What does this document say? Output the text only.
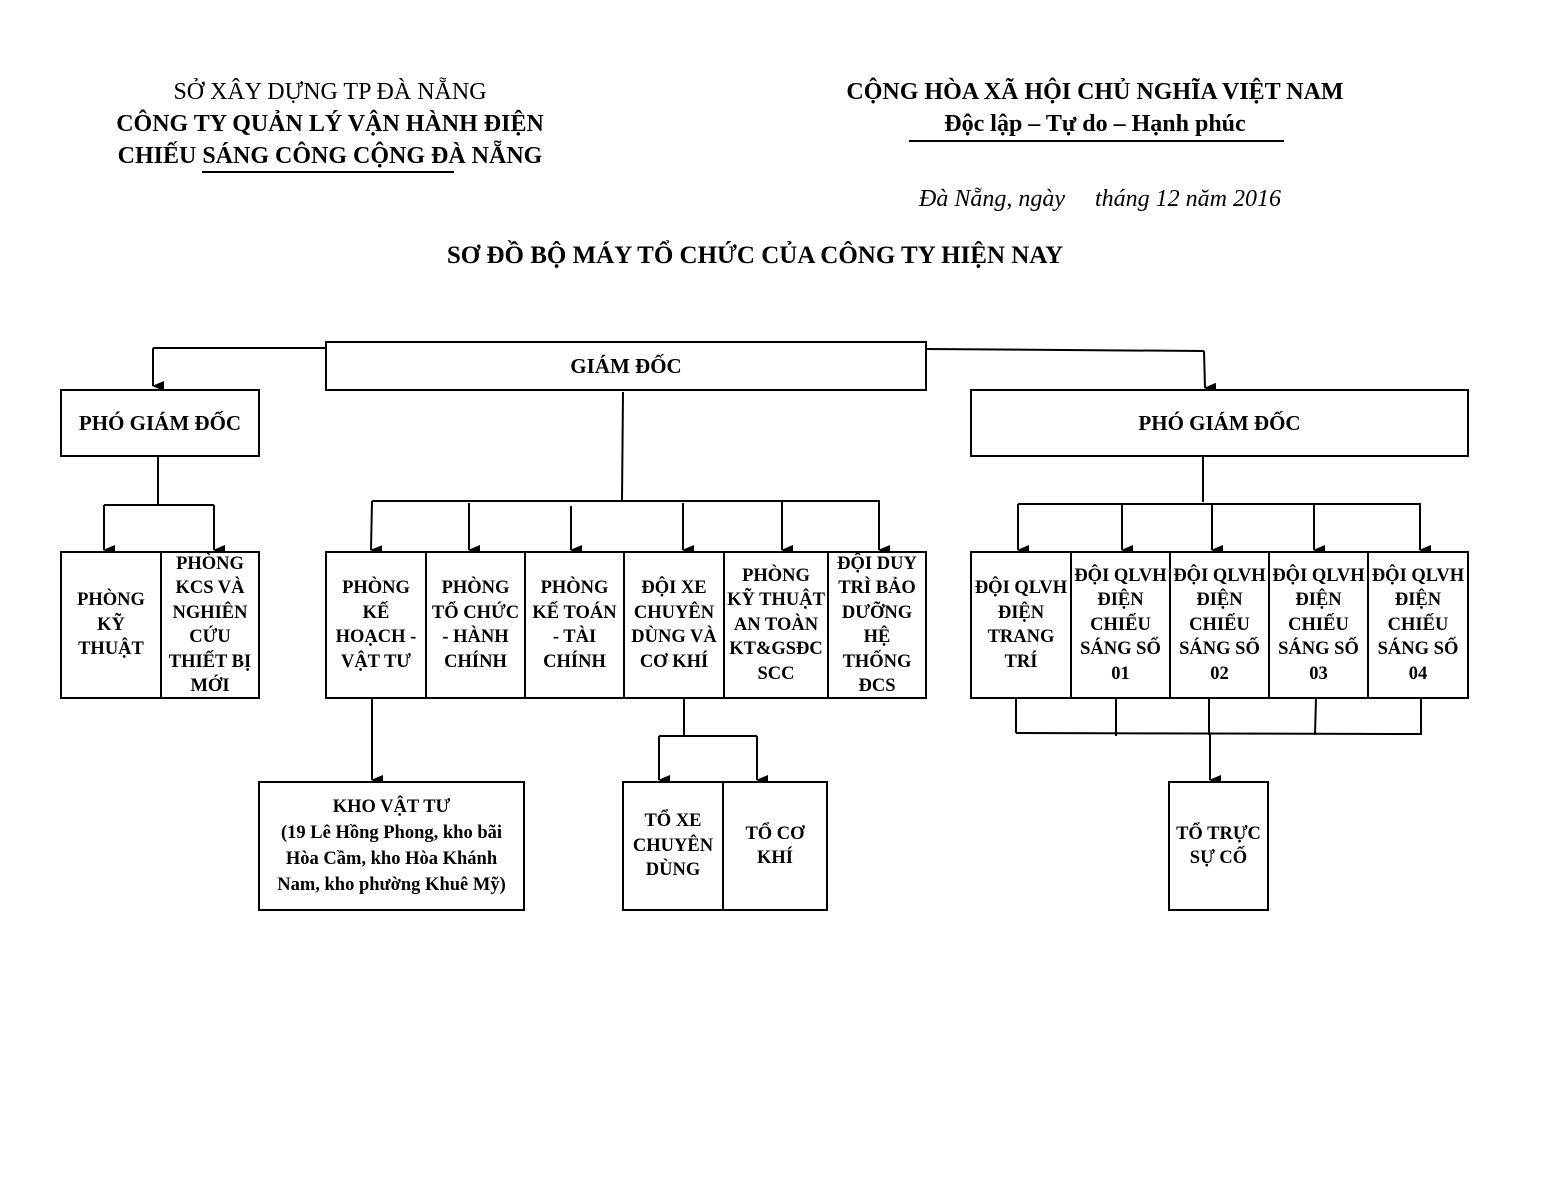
SỞ XÂY DỰNG TP ĐÀ NẴNG
CÔNG TY QUẢN LÝ VẬN HÀNH ĐIỆN
CHIẾU SÁNG CÔNG CỘNG ĐÀ NẴNG
CỘNG HÒA XÃ HỘI CHỦ NGHĨA VIỆT NAM
Độc lập – Tự do – Hạnh phúc
Đà Nẵng, ngày     tháng 12 năm 2016
SƠ ĐỒ BỘ MÁY TỔ CHỨC CỦA CÔNG TY HIỆN NAY
GIÁM ĐỐC
PHÓ GIÁM ĐỐC	PHÓ GIÁM ĐỐC
PHÒNG KỸ THUẬT
PHÒNG KCS VÀ NGHIÊN CỨU THIẾT BỊ MỚI
PHÒNG KẾ HOẠCH - VẬT TƯ
PHÒNG TỔ CHỨC - HÀNH CHÍNH
PHÒNG KẾ TOÁN - TÀI CHÍNH
ĐỘI XE CHUYÊN DÙNG VÀ CƠ KHÍ
PHÒNG KỸ THUẬT AN TOÀN KT&GSĐC SCC
ĐỘI DUY TRÌ BẢO DƯỠNG HỆ THỐNG ĐCS
ĐỘI QLVH ĐIỆN TRANG TRÍ
ĐỘI QLVH ĐIỆN CHIẾU SÁNG SỐ 01
ĐỘI QLVH ĐIỆN CHIẾU SÁNG SỐ 02
ĐỘI QLVH ĐIỆN CHIẾU SÁNG SỐ 03
ĐỘI QLVH ĐIỆN CHIẾU SÁNG SỐ 04
KHO VẬT TƯ
(19 Lê Hồng Phong, kho bãi Hòa Cầm, kho Hòa Khánh Nam, kho phường Khuê Mỹ)
TỔ XE CHUYÊN DÙNG
TỔ CƠ KHÍ
TỔ TRỰC SỰ CỐ
